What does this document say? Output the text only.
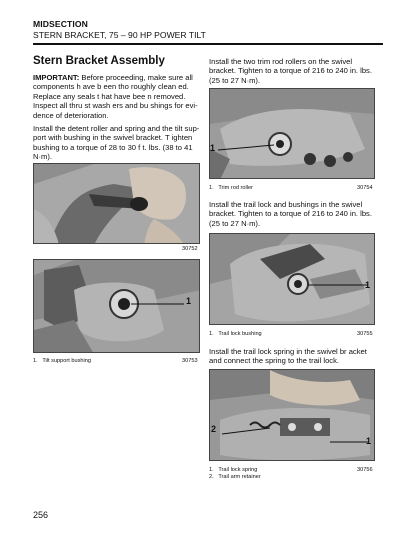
MIDSECTION
STERN BRACKET, 75 – 90 HP POWER TILT
Stern Bracket Assembly
IMPORTANT: Before proceeding, make sure all components h ave b een tho roughly clean ed. Replace any seals t hat have bee n removed. Inspect all thru st wash ers and bu shings for evi- dence of deterioration.
Install the detent roller and spring and the tilt sup- port with bushing in the swivel bracket. T ighten bushing to a torque of 28 to 30 f t. lbs. (38 to 41 N·m).
30752
1
1. Tilt support bushing	30753
Install the two trim rod rollers on the swivel bracket. Tighten to a torque of 216 to 240 in. lbs. (25 to 27 N·m).
1
1. Trim rod roller	30754
Install the trail lock and bushings in the swivel bracket. Tighten to a torque of 216 to 240 in. lbs. (25 to 27 N·m).
1
1. Trail lock bushing	30755
Install the trail lock spring in the swivel br acket and connect the spring to the trail lock.
2
1
1. Trail lock spring
2. Trail arm retainer
30756
256
